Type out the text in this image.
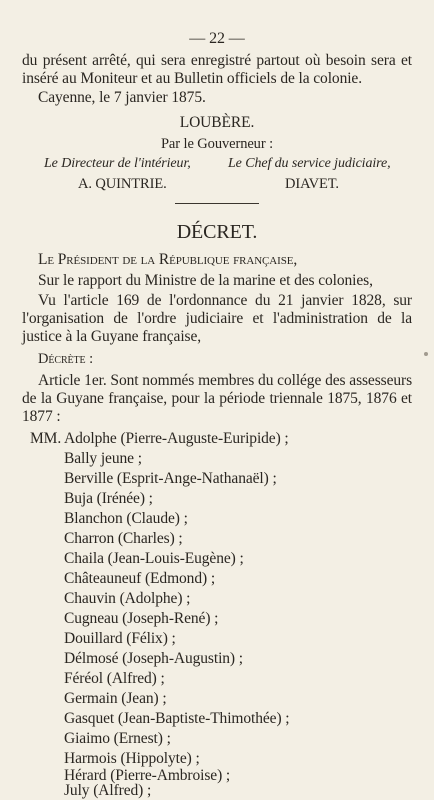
— 22 —
du présent arrêté, qui sera enregistré partout où besoin sera et
inséré au Moniteur et au Bulletin officiels de la colonie.
Cayenne, le 7 janvier 1875.
LOUBÈRE.
Par le Gouverneur :
Le Directeur de l'intérieur,	Le Chef du service judiciaire,
A. QUINTRIE.	DIAVET.
DÉCRET.
Le Président de la République française,
Sur le rapport du Ministre de la marine et des colonies,
Vu l'article 169 de l'ordonnance du 21 janvier 1828, sur
l'organisation de l'ordre judiciaire et l'administration de la
justice à la Guyane française,
Décrète :
Article 1er. Sont nommés membres du collége des assesseurs
de la Guyane française, pour la période triennale 1875, 1876 et
1877 :
MM. Adolphe (Pierre-Auguste-Euripide) ;
Bally jeune ;
Berville (Esprit-Ange-Nathanaël) ;
Buja (Irénée) ;
Blanchon (Claude) ;
Charron (Charles) ;
Chaila (Jean-Louis-Eugène) ;
Châteauneuf (Edmond) ;
Chauvin (Adolphe) ;
Cugneau (Joseph-René) ;
Douillard (Félix) ;
Délmosé (Joseph-Augustin) ;
Féréol (Alfred) ;
Germain (Jean) ;
Gasquet (Jean-Baptiste-Thimothée) ;
Giaimo (Ernest) ;
Harmois (Hippolyte) ;
Hérard (Pierre-Ambroise) ;
July (Alfred) ;
